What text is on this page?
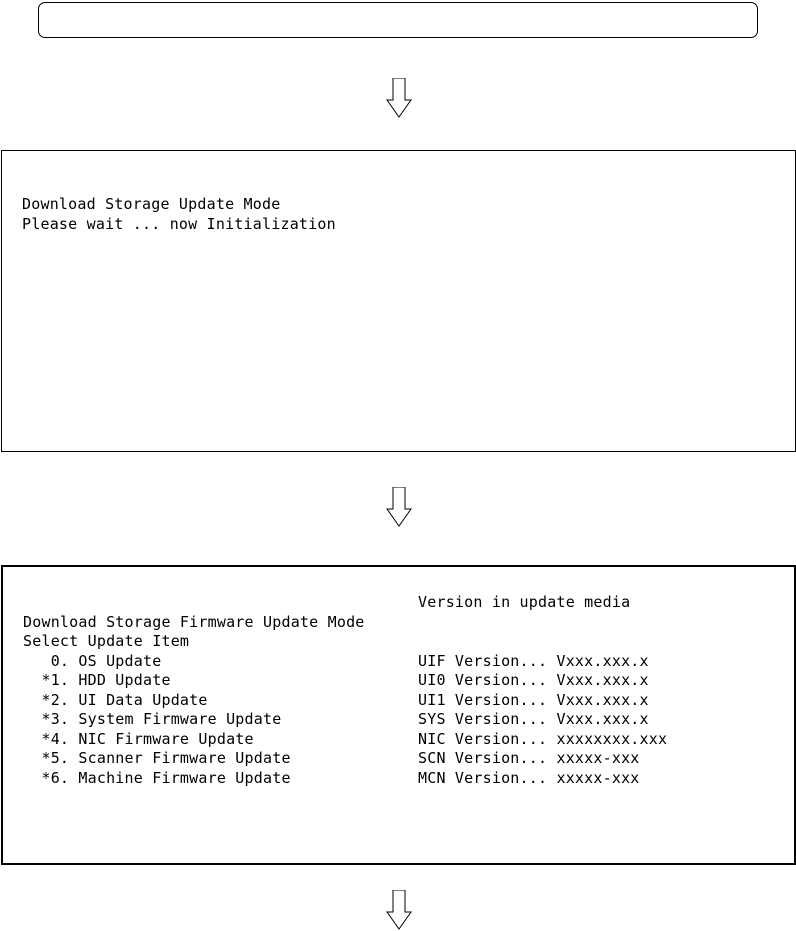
Download Storage Update Mode
Please wait ... now Initialization
Download Storage Firmware Update Mode
Select Update Item
0. OS Update
*1. HDD Update
*2. UI Data Update
*3. System Firmware Update
*4. NIC Firmware Update
*5. Scanner Firmware Update
*6. Machine Firmware Update
Version in update media
UIF Version... Vxxx.xxx.x
UI0 Version... Vxxx.xxx.x
UI1 Version... Vxxx.xxx.x
SYS Version... Vxxx.xxx.x
NIC Version... xxxxxxxx.xxx
SCN Version... xxxxx-xxx
MCN Version... xxxxx-xxx
